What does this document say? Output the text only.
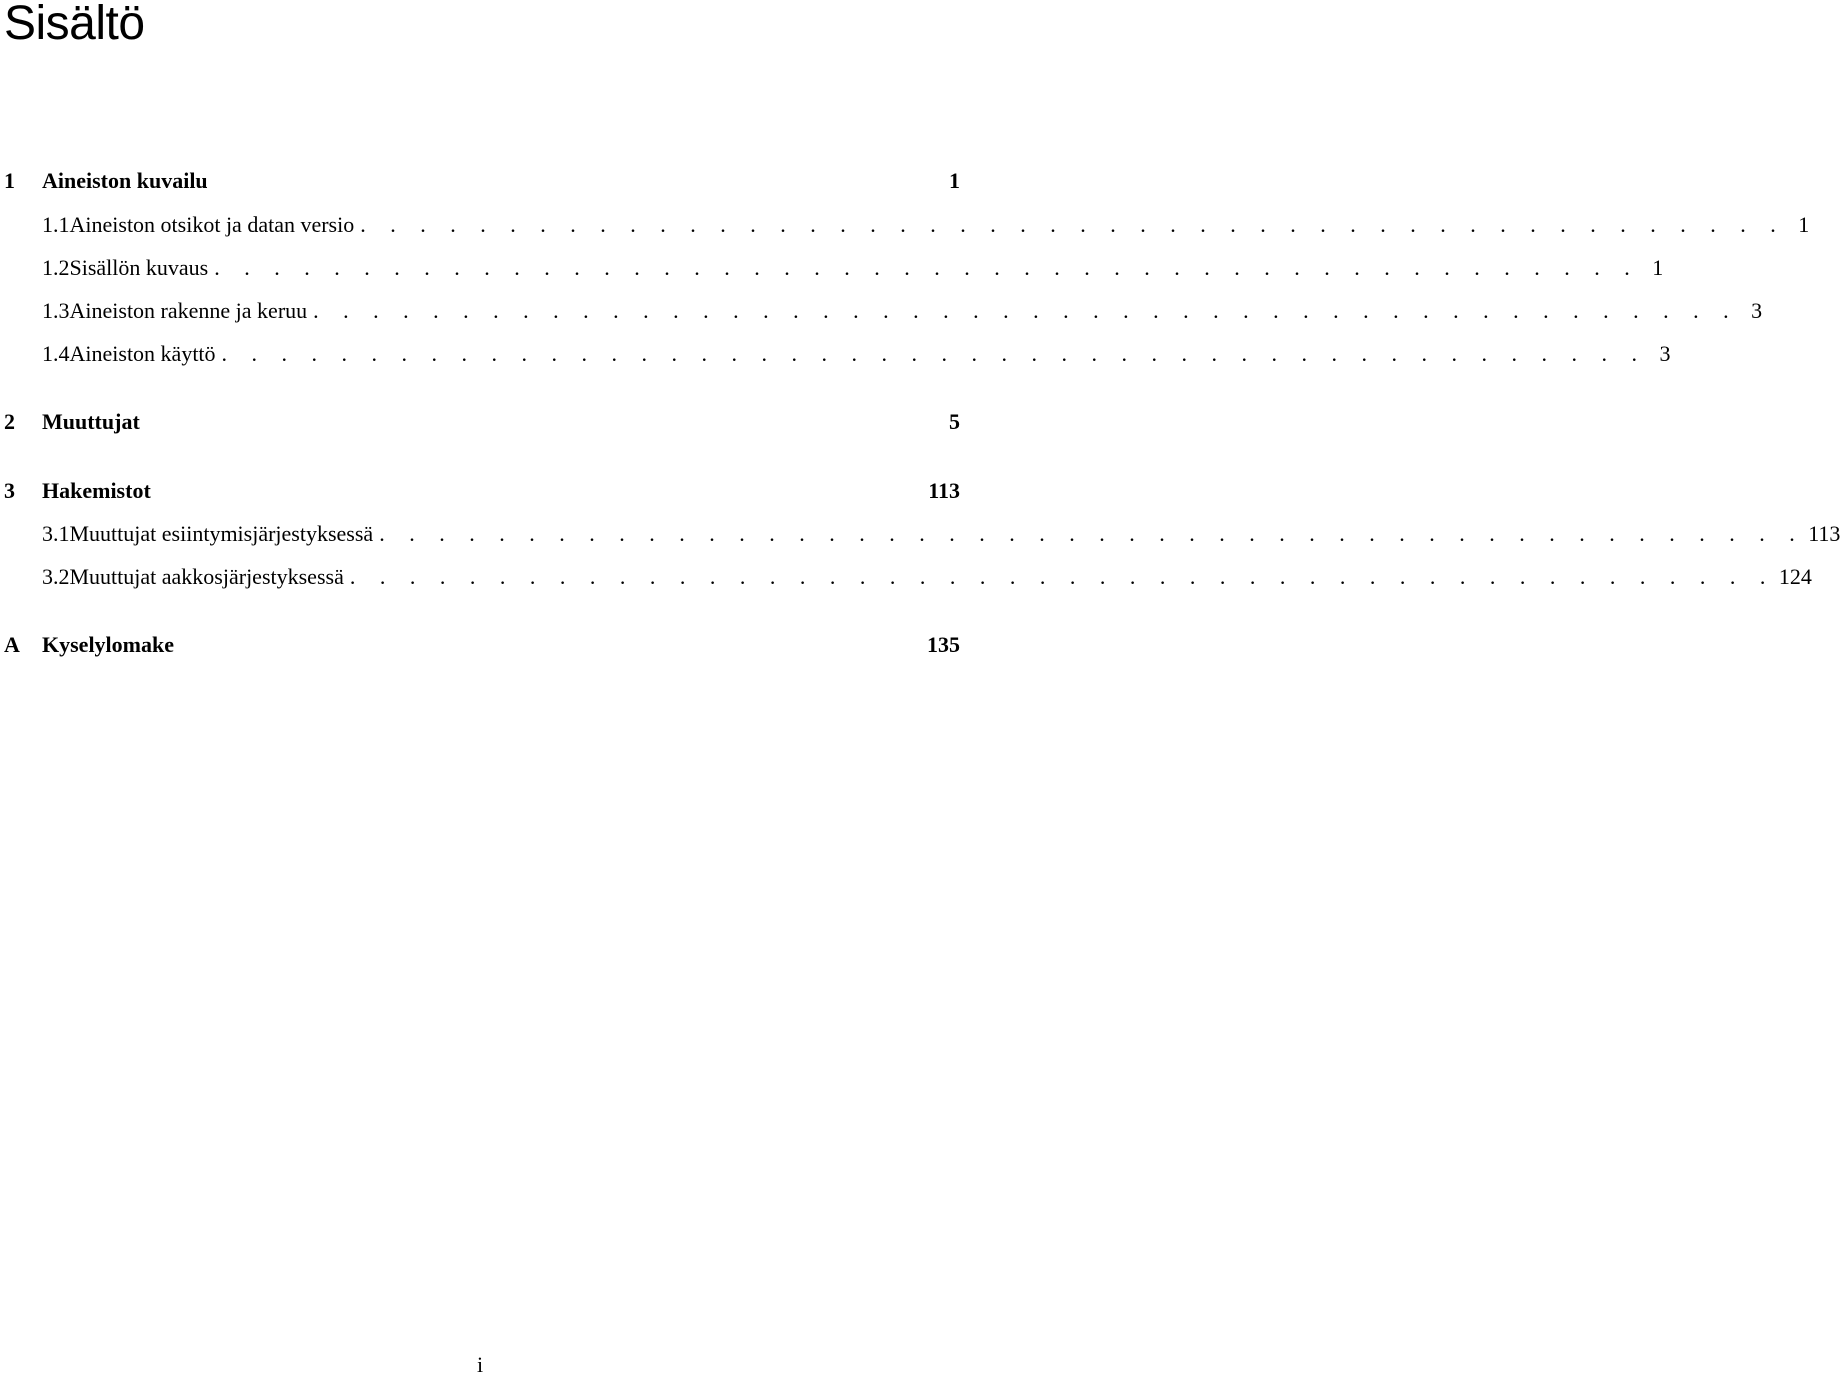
Sisältö
1	Aineiston kuvailu	1
1.1 Aineiston otsikot ja datan versio . . . . . . . . . . . . . . . . . . . . . . . . . . . . . . . . . . . . . . . . . . . . . . . . 1
1.2 Sisällön kuvaus . . . . . . . . . . . . . . . . . . . . . . . . . . . . . . . . . . . . . . . . . . . . . . . . 1
1.3 Aineiston rakenne ja keruu . . . . . . . . . . . . . . . . . . . . . . . . . . . . . . . . . . . . . . . . . . . . . . . . 3
1.4 Aineiston käyttö . . . . . . . . . . . . . . . . . . . . . . . . . . . . . . . . . . . . . . . . . . . . . . . . 3
2	Muuttujat	5
3	Hakemistot	113
3.1 Muuttujat esiintymisjärjestyksessä . . . . . . . . . . . . . . . . . . . . . . . . . . . . . . . . . . . . . . . . . . . . . . . . 113
3.2 Muuttujat aakkosjärjestyksessä . . . . . . . . . . . . . . . . . . . . . . . . . . . . . . . . . . . . . . . . . . . . . . . . 124
A	Kyselylomake	135
i
